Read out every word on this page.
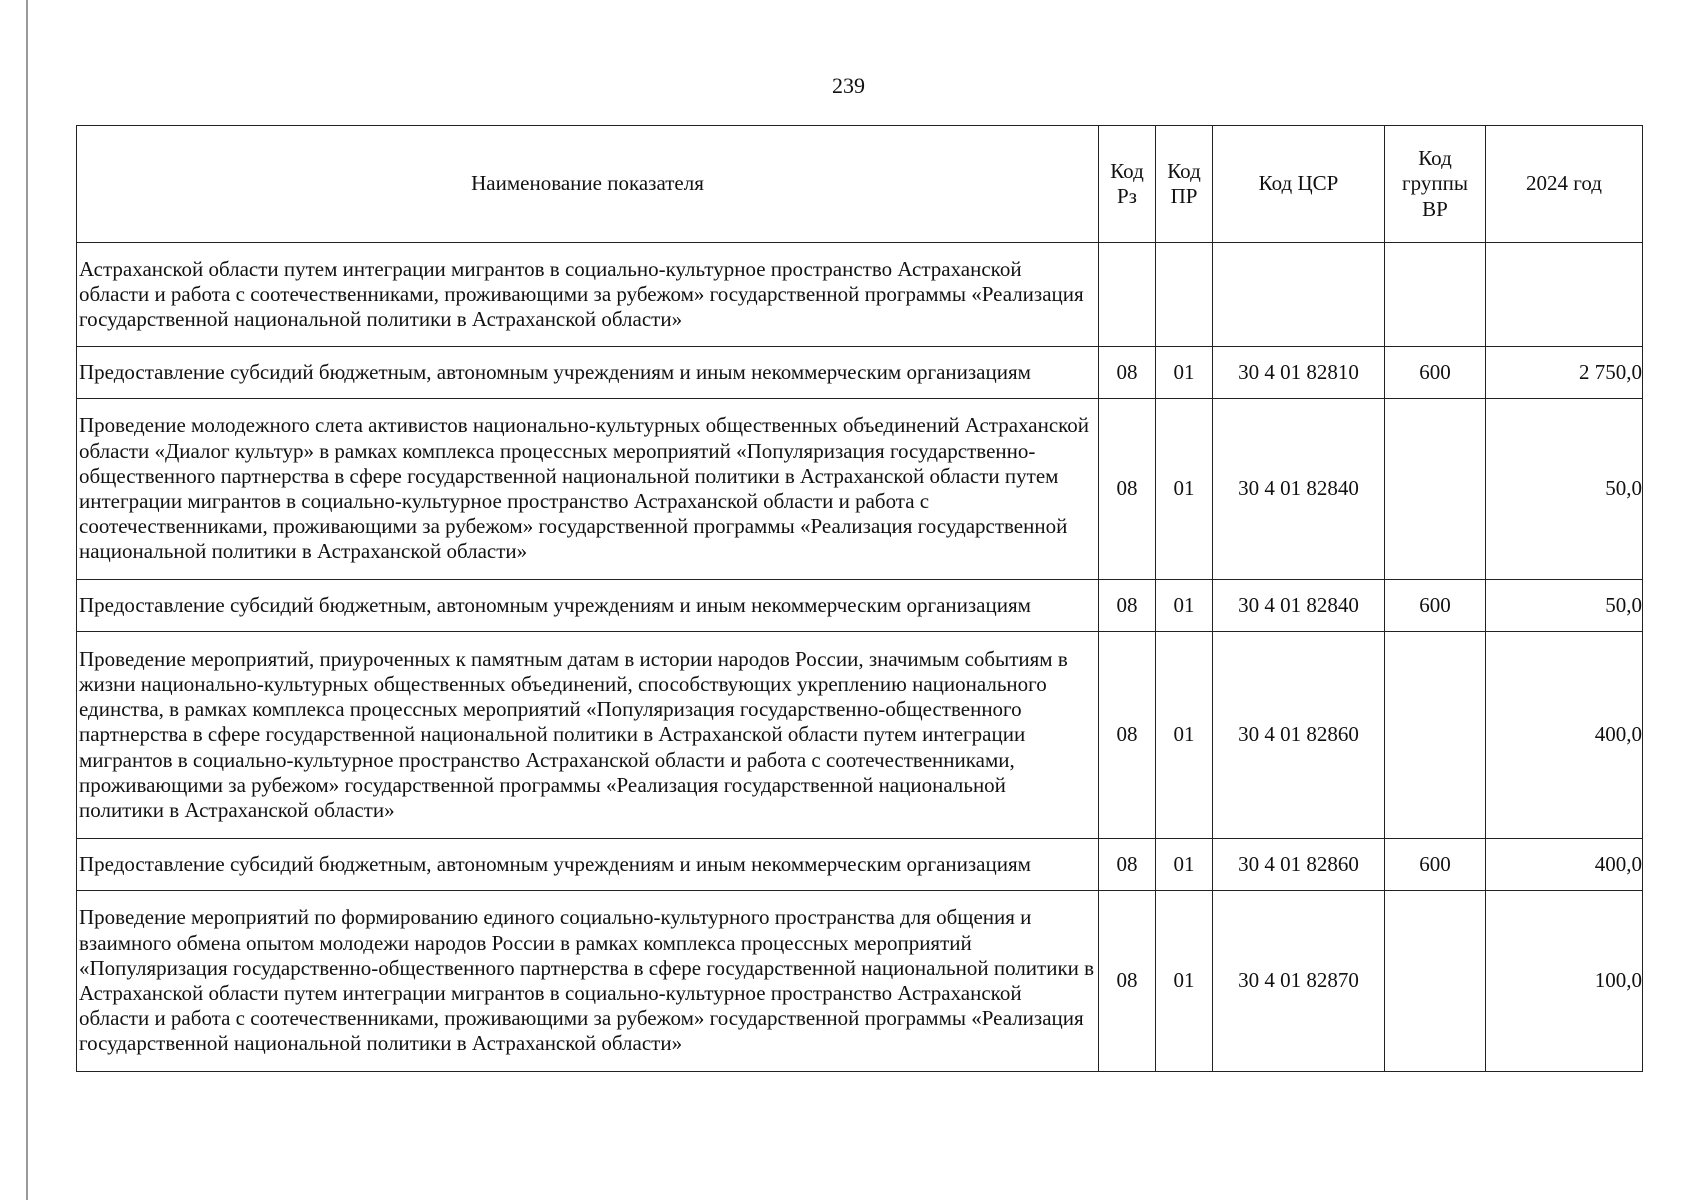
239
Наименование показателя	Код Рз	Код ПР	Код ЦСР	Код группы ВР	2024 год
Астраханской области путем интеграции мигрантов в социально-культурное пространство Астраханской области и работа с соотечественниками, проживающими за рубежом» государственной программы «Реализация государственной национальной политики в Астраханской области»					
Предоставление субсидий бюджетным, автономным учреждениям и иным некоммерческим организациям	08	01	30 4 01 82810	600	2 750,0
Проведение молодежного слета активистов национально-культурных общественных объединений Астраханской области «Диалог культур» в рамках комплекса процессных мероприятий «Популяризация государственно-общественного партнерства в сфере государственной национальной политики в Астраханской области путем интеграции мигрантов в социально-культурное пространство Астраханской области и работа с соотечественниками, проживающими за рубежом» государственной программы «Реализация государственной национальной политики в Астраханской области»	08	01	30 4 01 82840		50,0
Предоставление субсидий бюджетным, автономным учреждениям и иным некоммерческим организациям	08	01	30 4 01 82840	600	50,0
Проведение мероприятий, приуроченных к памятным датам в истории народов России, значимым событиям в жизни национально-культурных общественных объединений, способствующих укреплению национального единства, в рамках комплекса процессных мероприятий «Популяризация государственно-общественного партнерства в сфере государственной национальной политики в Астраханской области путем интеграции мигрантов в социально-культурное пространство Астраханской области и работа с соотечественниками, проживающими за рубежом» государственной программы «Реализация государственной национальной политики в Астраханской области»	08	01	30 4 01 82860		400,0
Предоставление субсидий бюджетным, автономным учреждениям и иным некоммерческим организациям	08	01	30 4 01 82860	600	400,0
Проведение мероприятий по формированию единого социально-культурного пространства для общения и взаимного обмена опытом молодежи народов России в рамках комплекса процессных мероприятий «Популяризация государственно-общественного партнерства в сфере государственной национальной политики в Астраханской области путем интеграции мигрантов в социально-культурное пространство Астраханской области и работа с соотечественниками, проживающими за рубежом» государственной программы «Реализация государственной национальной политики в Астраханской области»	08	01	30 4 01 82870		100,0
